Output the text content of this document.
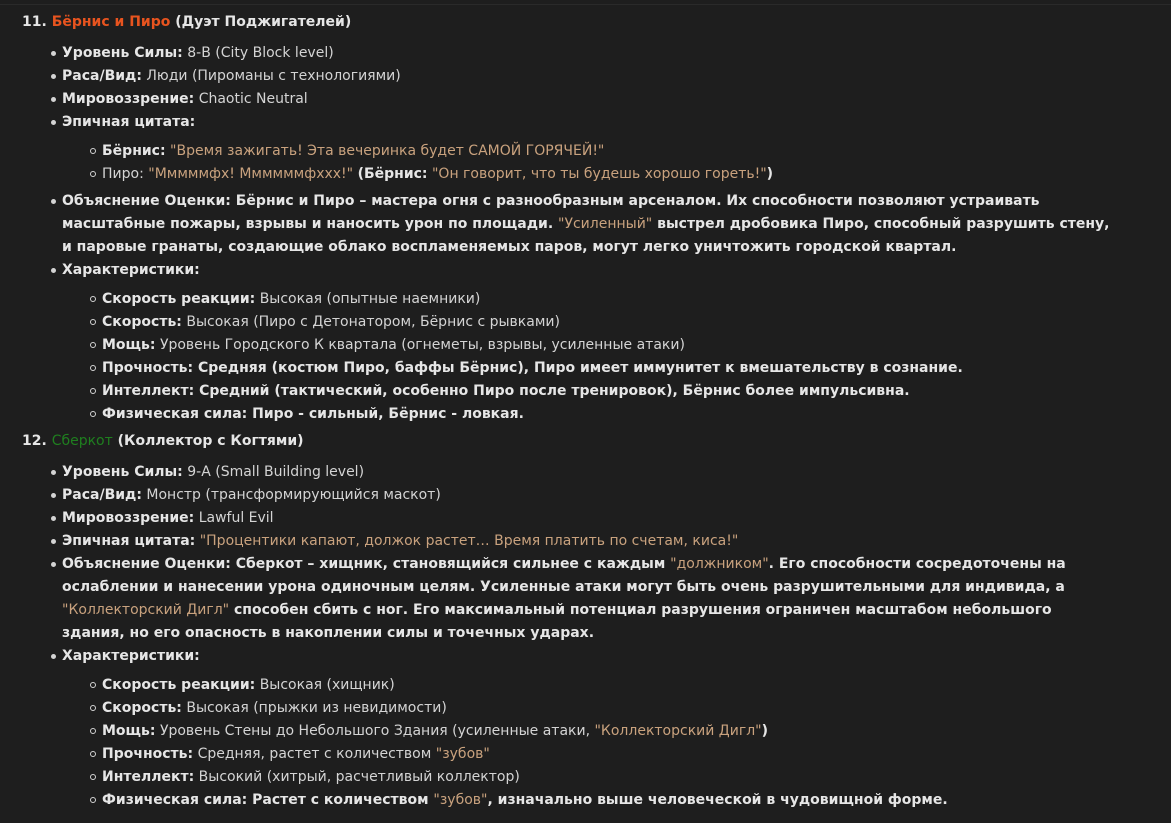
11. Бёрнис и Пиро (Дуэт Поджигателей)
Уровень Силы: 8-B (City Block level)
Раса/Вид: Люди (Пироманы с технологиями)
Мировоззрение: Chaotic Neutral
Эпичная цитата:
Бёрнис: "Время зажигать! Эта вечеринка будет САМОЙ ГОРЯЧЕЙ!"
Пиро: "Мммммфх! Ммммммфххх!" (Бёрнис: "Он говорит, что ты будешь хорошо гореть!")
Объяснение Оценки: Бёрнис и Пиро – мастера огня с разнообразным арсеналом. Их способности позволяют устраивать масштабные пожары, взрывы и наносить урон по площади. "Усиленный" выстрел дробовика Пиро, способный разрушить стену, и паровые гранаты, создающие облако воспламеняемых паров, могут легко уничтожить городской квартал.
Характеристики:
Скорость реакции: Высокая (опытные наемники)
Скорость: Высокая (Пиро с Детонатором, Бёрнис с рывками)
Мощь: Уровень Городского К квартала (огнеметы, взрывы, усиленные атаки)
Прочность: Средняя (костюм Пиро, баффы Бёрнис), Пиро имеет иммунитет к вмешательству в сознание.
Интеллект: Средний (тактический, особенно Пиро после тренировок), Бёрнис более импульсивна.
Физическая сила: Пиро - сильный, Бёрнис - ловкая.
12. Сберкот (Коллектор с Когтями)
Уровень Силы: 9-A (Small Building level)
Раса/Вид: Монстр (трансформирующийся маскот)
Мировоззрение: Lawful Evil
Эпичная цитата: "Процентики капают, должок растет… Время платить по счетам, киса!"
Объяснение Оценки: Сберкот – хищник, становящийся сильнее с каждым "должником". Его способности сосредоточены на ослаблении и нанесении урона одиночным целям. Усиленные атаки могут быть очень разрушительными для индивида, а "Коллекторский Дигл" способен сбить с ног. Его максимальный потенциал разрушения ограничен масштабом небольшого здания, но его опасность в накоплении силы и точечных ударах.
Характеристики:
Скорость реакции: Высокая (хищник)
Скорость: Высокая (прыжки из невидимости)
Мощь: Уровень Стены до Небольшого Здания (усиленные атаки, "Коллекторский Дигл")
Прочность: Средняя, растет с количеством "зубов"
Интеллект: Высокий (хитрый, расчетливый коллектор)
Физическая сила: Растет с количеством "зубов", изначально выше человеческой в чудовищной форме.
